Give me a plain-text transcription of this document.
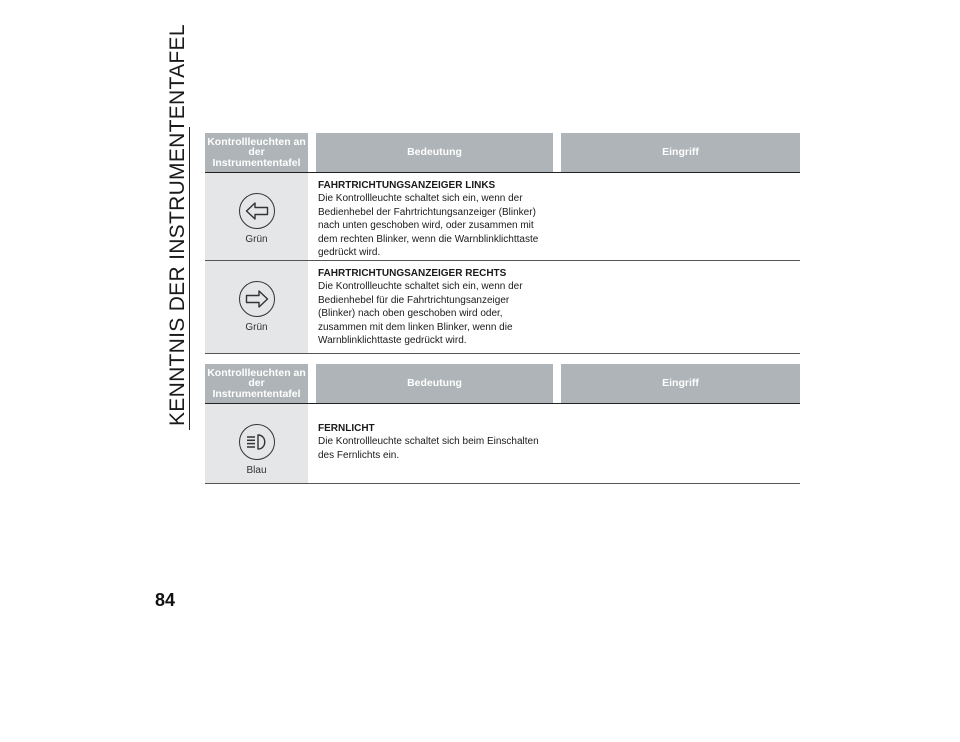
KENNTNIS DER INSTRUMENTENTAFEL Kontrollleuchten an der Instrumententafel
Bedeutung	Eingriff
Grün
FAHRTRICHTUNGSANZEIGER LINKS
Die Kontrollleuchte schaltet sich ein, wenn der Bedienhebel der Fahrtrichtungsanzeiger (Blinker) nach unten geschoben wird, oder zusammen mit dem rechten Blinker, wenn die Warnblinklichttaste gedrückt wird.
Grün
FAHRTRICHTUNGSANZEIGER RECHTS
Die Kontrollleuchte schaltet sich ein, wenn der Bedienhebel für die Fahrtrichtungsanzeiger (Blinker) nach oben geschoben wird oder, zusammen mit dem linken Blinker, wenn die Warnblinklichttaste gedrückt wird.
Kontrollleuchten an der Instrumententafel
Bedeutung	Eingriff
Blau
FERNLICHT
Die Kontrollleuchte schaltet sich beim Einschalten des Fernlichts ein.
84
